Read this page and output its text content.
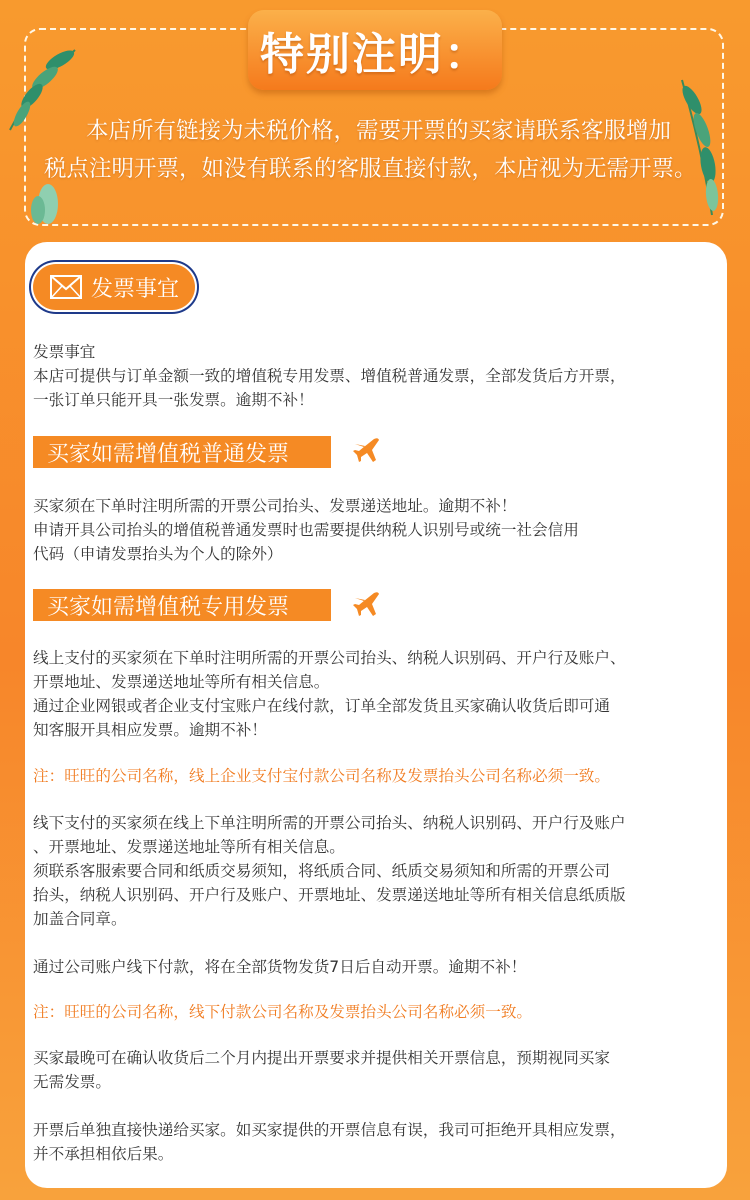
特别注明：
本店所有链接为未税价格，需要开票的买家请联系客服增加
税点注明开票，如没有联系的客服直接付款，本店视为无需开票。
发票事宜

发票事宜

本店可提供与订单金额一致的增值税专用发票、增值税普通发票，全部发货后方开票，

一张订单只能开具一张发票。逾期不补！

买家如需增值税普通发票

买家须在下单时注明所需的开票公司抬头、发票递送地址。逾期不补！

申请开具公司抬头的增值税普通发票时也需要提供纳税人识别号或统一社会信用

代码（申请发票抬头为个人的除外）

买家如需增值税专用发票

线上支付的买家须在下单时注明所需的开票公司抬头、纳税人识别码、开户行及账户、

开票地址、发票递送地址等所有相关信息。

通过企业网银或者企业支付宝账户在线付款，订单全部发货且买家确认收货后即可通

知客服开具相应发票。逾期不补！

注：旺旺的公司名称，线上企业支付宝付款公司名称及发票抬头公司名称必须一致。

线下支付的买家须在线上下单注明所需的开票公司抬头、纳税人识别码、开户行及账户

、开票地址、发票递送地址等所有相关信息。

须联系客服索要合同和纸质交易须知，将纸质合同、纸质交易须知和所需的开票公司

抬头，纳税人识别码、开户行及账户、开票地址、发票递送地址等所有相关信息纸质版

加盖合同章。

通过公司账户线下付款，将在全部货物发货7日后自动开票。逾期不补！

注：旺旺的公司名称，线下付款公司名称及发票抬头公司名称必须一致。

买家最晚可在确认收货后二个月内提出开票要求并提供相关开票信息，预期视同买家

无需发票。

开票后单独直接快递给买家。如买家提供的开票信息有误，我司可拒绝开具相应发票，

并不承担相依后果。
